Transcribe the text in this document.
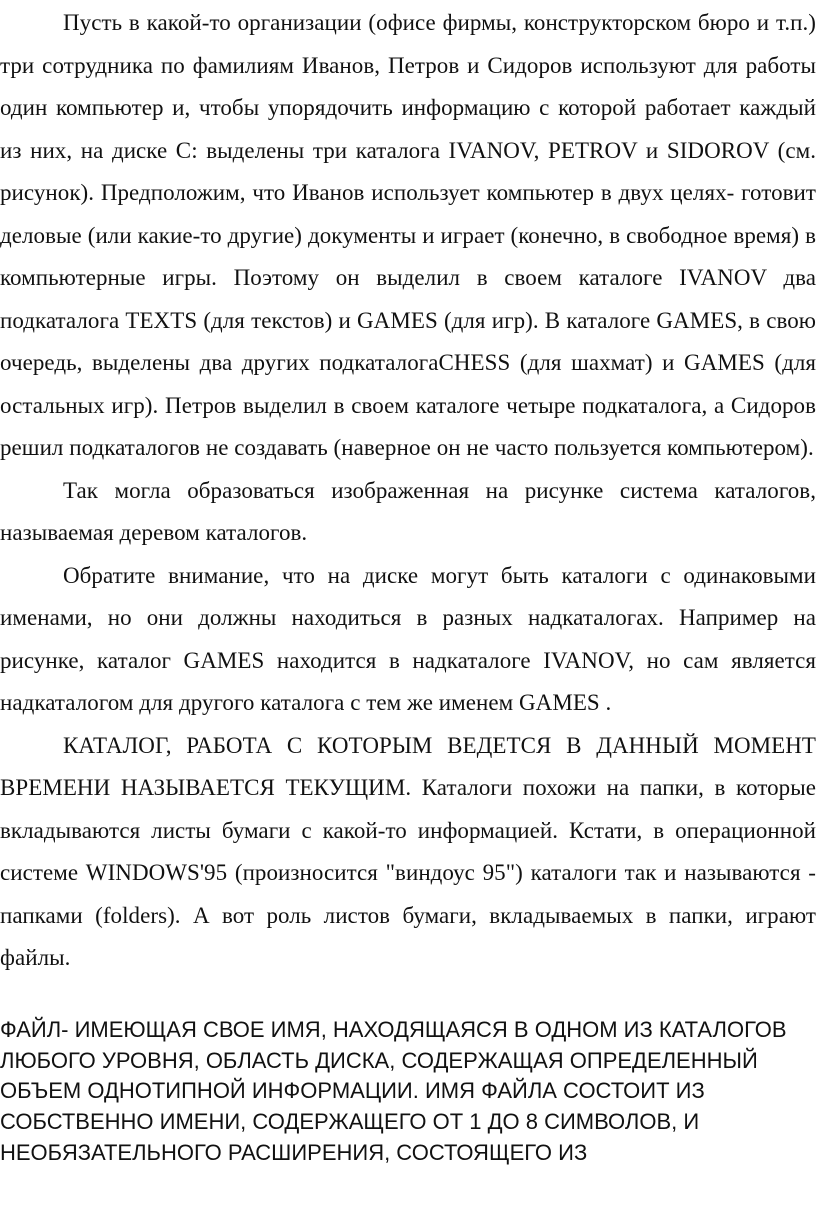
Пусть в какой-то организации (офисе фирмы, конструкторском бюро и т.п.) три сотрудника по фамилиям Иванов, Петров и Сидоров используют для работы один компьютер и, чтобы упорядочить информацию с которой работает каждый из них, на диске С: выделены три каталога IVANOV, PETROV и SIDOROV (см. рисунок). Предположим, что Иванов использует компьютер в двух целях- готовит деловые (или какие-то другие) документы и играет (конечно, в свободное время) в компьютерные игры. Поэтому он выделил в своем каталоге IVANOV два подкаталога TEXTS (для текстов) и GAMES (для игр). В каталоге GAMES, в свою очередь, выделены два других подкаталогаCHESS (для шахмат) и GAMES (для остальных игр). Петров выделил в своем каталоге четыре подкаталога, а Сидоров решил подкаталогов не создавать (наверное он не часто пользуется компьютером).

Так могла образоваться изображенная на рисунке система каталогов, называемая деревом каталогов.

Обратите внимание, что на диске могут быть каталоги с одинаковыми именами, но они должны находиться в разных надкаталогах. Например на рисунке, каталог GAMES находится в надкаталоге IVANOV, но сам является надкаталогом для другого каталога с тем же именем GAMES .

КАТАЛОГ, РАБОТА С КОТОРЫМ ВЕДЕТСЯ В ДАННЫЙ МОМЕНТ ВРЕМЕНИ НАЗЫВАЕТСЯ ТЕКУЩИМ. Каталоги похожи на папки, в которые вкладываются листы бумаги с какой-то информацией. Кстати, в операционной системе WINDOWS'95 (произносится "виндоус 95") каталоги так и называются - папками (folders). А вот роль листов бумаги, вкладываемых в папки, играют файлы.

ФАЙЛ- ИМЕЮЩАЯ СВОЕ ИМЯ, НАХОДЯЩАЯСЯ В ОДНОМ ИЗ КАТАЛОГОВ ЛЮБОГО УРОВНЯ, ОБЛАСТЬ ДИСКА, СОДЕРЖАЩАЯ ОПРЕДЕЛЕННЫЙ ОБЪЕМ ОДНОТИПНОЙ ИНФОРМАЦИИ. ИМЯ ФАЙЛА СОСТОИТ ИЗ СОБСТВЕННО ИМЕНИ, СОДЕРЖАЩЕГО ОТ 1 ДО 8 СИМВОЛОВ, И НЕОБЯЗАТЕЛЬНОГО РАСШИРЕНИЯ, СОСТОЯЩЕГО ИЗ
